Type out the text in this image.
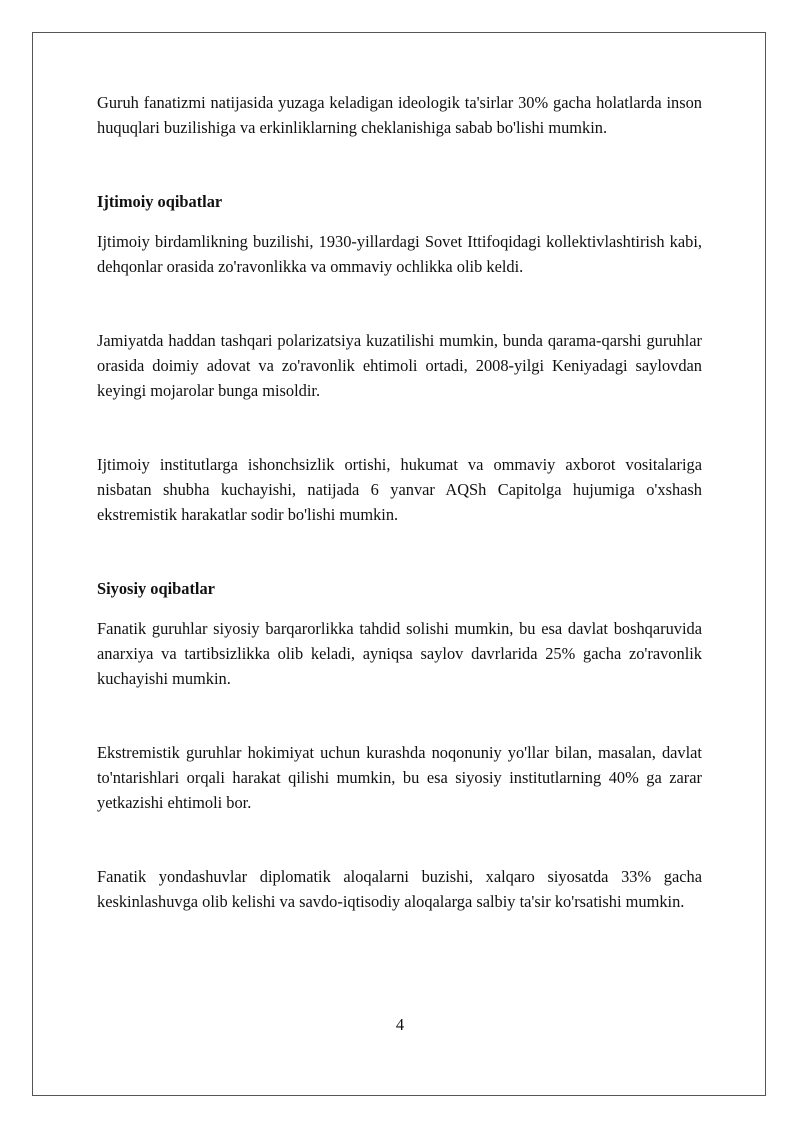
Guruh fanatizmi natijasida yuzaga keladigan ideologik ta'sirlar 30% gacha holatlarda inson huquqlari buzilishiga va erkinliklarning cheklanishiga sabab bo'lishi mumkin.

Ijtimoiy oqibatlar

Ijtimoiy birdamlikning buzilishi, 1930-yillardagi Sovet Ittifoqidagi kollektivlashtirish kabi, dehqonlar orasida zo'ravonlikka va ommaviy ochlikka olib keldi.

Jamiyatda haddan tashqari polarizatsiya kuzatilishi mumkin, bunda qarama-qarshi guruhlar orasida doimiy adovat va zo'ravonlik ehtimoli ortadi, 2008-yilgi Keniyadagi saylovdan keyingi mojarolar bunga misoldir.

Ijtimoiy institutlarga ishonchsizlik ortishi, hukumat va ommaviy axborot vositalariga nisbatan shubha kuchayishi, natijada 6 yanvar AQSh Capitolga hujumiga o'xshash ekstremistik harakatlar sodir bo'lishi mumkin.

Siyosiy oqibatlar

Fanatik guruhlar siyosiy barqarorlikka tahdid solishi mumkin, bu esa davlat boshqaruvida anarxiya va tartibsizlikka olib keladi, ayniqsa saylov davrlarida 25% gacha zo'ravonlik kuchayishi mumkin.

Ekstremistik guruhlar hokimiyat uchun kurashda noqonuniy yo'llar bilan, masalan, davlat to'ntarishlari orqali harakat qilishi mumkin, bu esa siyosiy institutlarning 40% ga zarar yetkazishi ehtimoli bor.

Fanatik yondashuvlar diplomatik aloqalarni buzishi, xalqaro siyosatda 33% gacha keskinlashuvga olib kelishi va savdo-iqtisodiy aloqalarga salbiy ta'sir ko'rsatishi mumkin.

4
